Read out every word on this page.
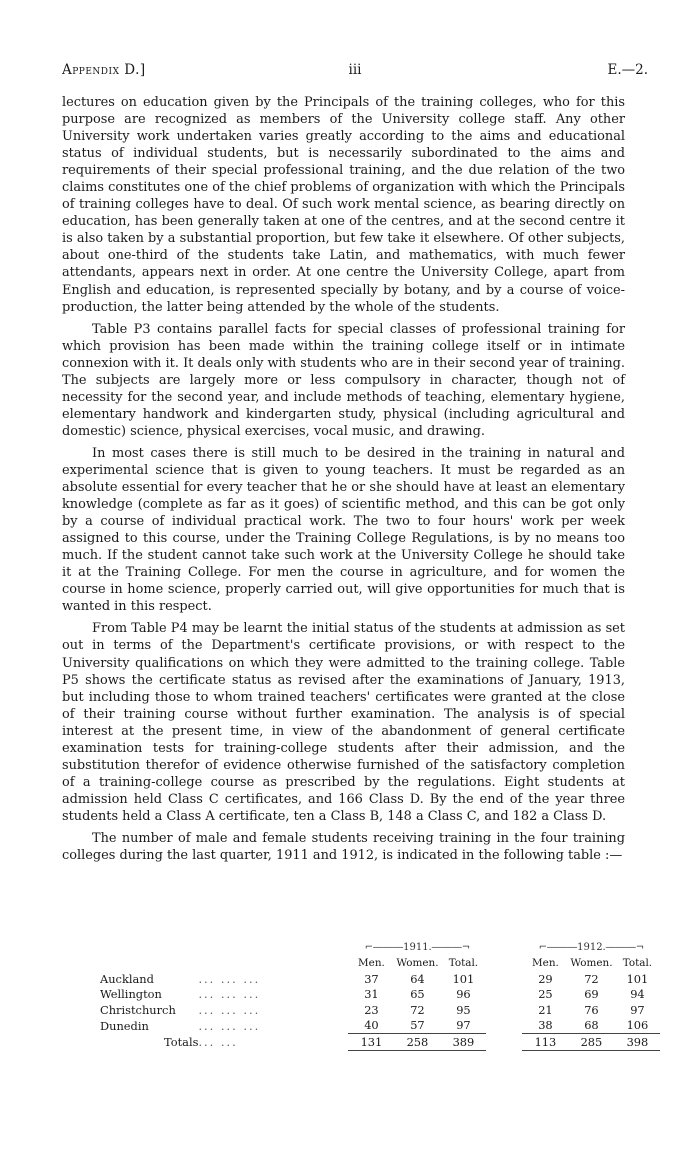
Appendix D.]	iii	E.—2.

lectures on education given by the Principals of the training colleges, who for this purpose are recognized as members of the University college staff. Any other University work undertaken varies greatly according to the aims and educational status of individual students, but is necessarily subordinated to the aims and requirements of their special professional training, and the due relation of the two claims constitutes one of the chief problems of organization with which the Principals of training colleges have to deal. Of such work mental science, as bearing directly on education, has been generally taken at one of the centres, and at the second centre it is also taken by a substantial proportion, but few take it elsewhere. Of other subjects, about one-third of the students take Latin, and mathematics, with much fewer attendants, appears next in order. At one centre the University College, apart from English and education, is represented specially by botany, and by a course of voice-production, the latter being attended by the whole of the students.

Table P3 contains parallel facts for special classes of professional training for which provision has been made within the training college itself or in intimate connexion with it. It deals only with students who are in their second year of training. The subjects are largely more or less compulsory in character, though not of necessity for the second year, and include methods of teaching, elementary hygiene, elementary handwork and kindergarten study, physical (including agricultural and domestic) science, physical exercises, vocal music, and drawing.

In most cases there is still much to be desired in the training in natural and experimental science that is given to young teachers. It must be regarded as an absolute essential for every teacher that he or she should have at least an elementary knowledge (complete as far as it goes) of scientific method, and this can be got only by a course of individual practical work. The two to four hours' work per week assigned to this course, under the Training College Regulations, is by no means too much. If the student cannot take such work at the University College he should take it at the Training College. For men the course in agriculture, and for women the course in home science, properly carried out, will give opportunities for much that is wanted in this respect.

From Table P4 may be learnt the initial status of the students at admission as set out in terms of the Department's certificate provisions, or with respect to the University qualifications on which they were admitted to the training college. Table P5 shows the certificate status as revised after the examinations of January, 1913, but including those to whom trained teachers' certificates were granted at the close of their training course without further examination. The analysis is of special interest at the present time, in view of the abandonment of general certificate examination tests for training-college students after their admission, and the substitution therefor of evidence otherwise furnished of the satisfactory completion of a training-college course as prescribed by the regulations. Eight students at admission held Class C certificates, and 166 Class D. By the end of the year three students held a Class A certificate, ten a Class B, 148 a Class C, and 182 a Class D.

The number of male and female students receiving training in the four training colleges during the last quarter, 1911 and 1912, is indicated in the following table :—

		⌐―――1911.―――¬				⌐―――1912.―――¬		
		Men.	Women.	Total.		Men.	Women.	Total.
Auckland	... ... ...	37	64	101		29	72	101
Wellington	... ... ...	31	65	96		25	69	94
Christchurch	... ... ...	23	72	95		21	76	97
Dunedin	... ... ...	40	57	97		38	68	106
Totals	... ...	131	258	389		113	285	398
